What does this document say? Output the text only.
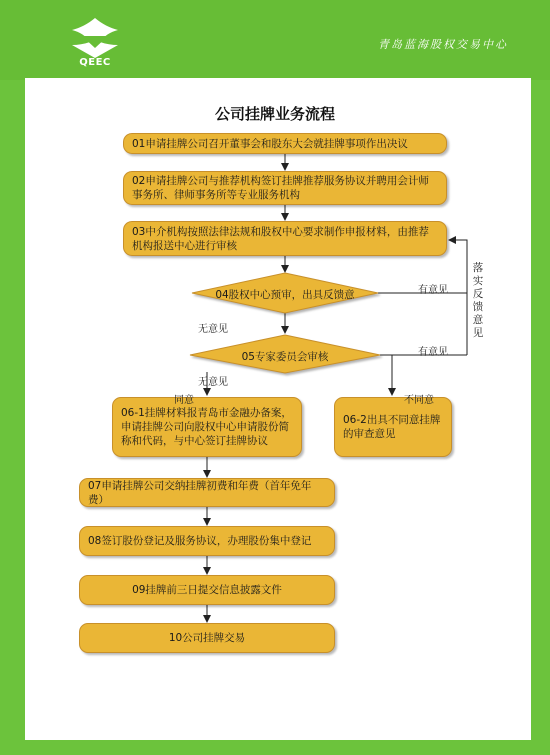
QEEC
青岛蓝海股权交易中心
公司挂牌业务流程
01申请挂牌公司召开董事会和股东大会就挂牌事项作出决议
02申请挂牌公司与推荐机构签订挂牌推荐服务协议并聘用会计师事务所、律师事务所等专业服务机构
03中介机构按照法律法规和股权中心要求制作申报材料，由推荐机构报送中心进行审核
04股权中心预审，出具反馈意
05专家委员会审核
06-1挂牌材料报青岛市金融办备案，申请挂牌公司向股权中心申请股份简称和代码，与中心签订挂牌协议
06-2出具不同意挂牌的审查意见
07申请挂牌公司交纳挂牌初费和年费（首年免年费）
08签订股份登记及服务协议，办理股份集中登记
09挂牌前三日提交信息披露文件
10公司挂牌交易
有意见
有意见
无意见
无意见
同意	不同意
落实反馈意见
